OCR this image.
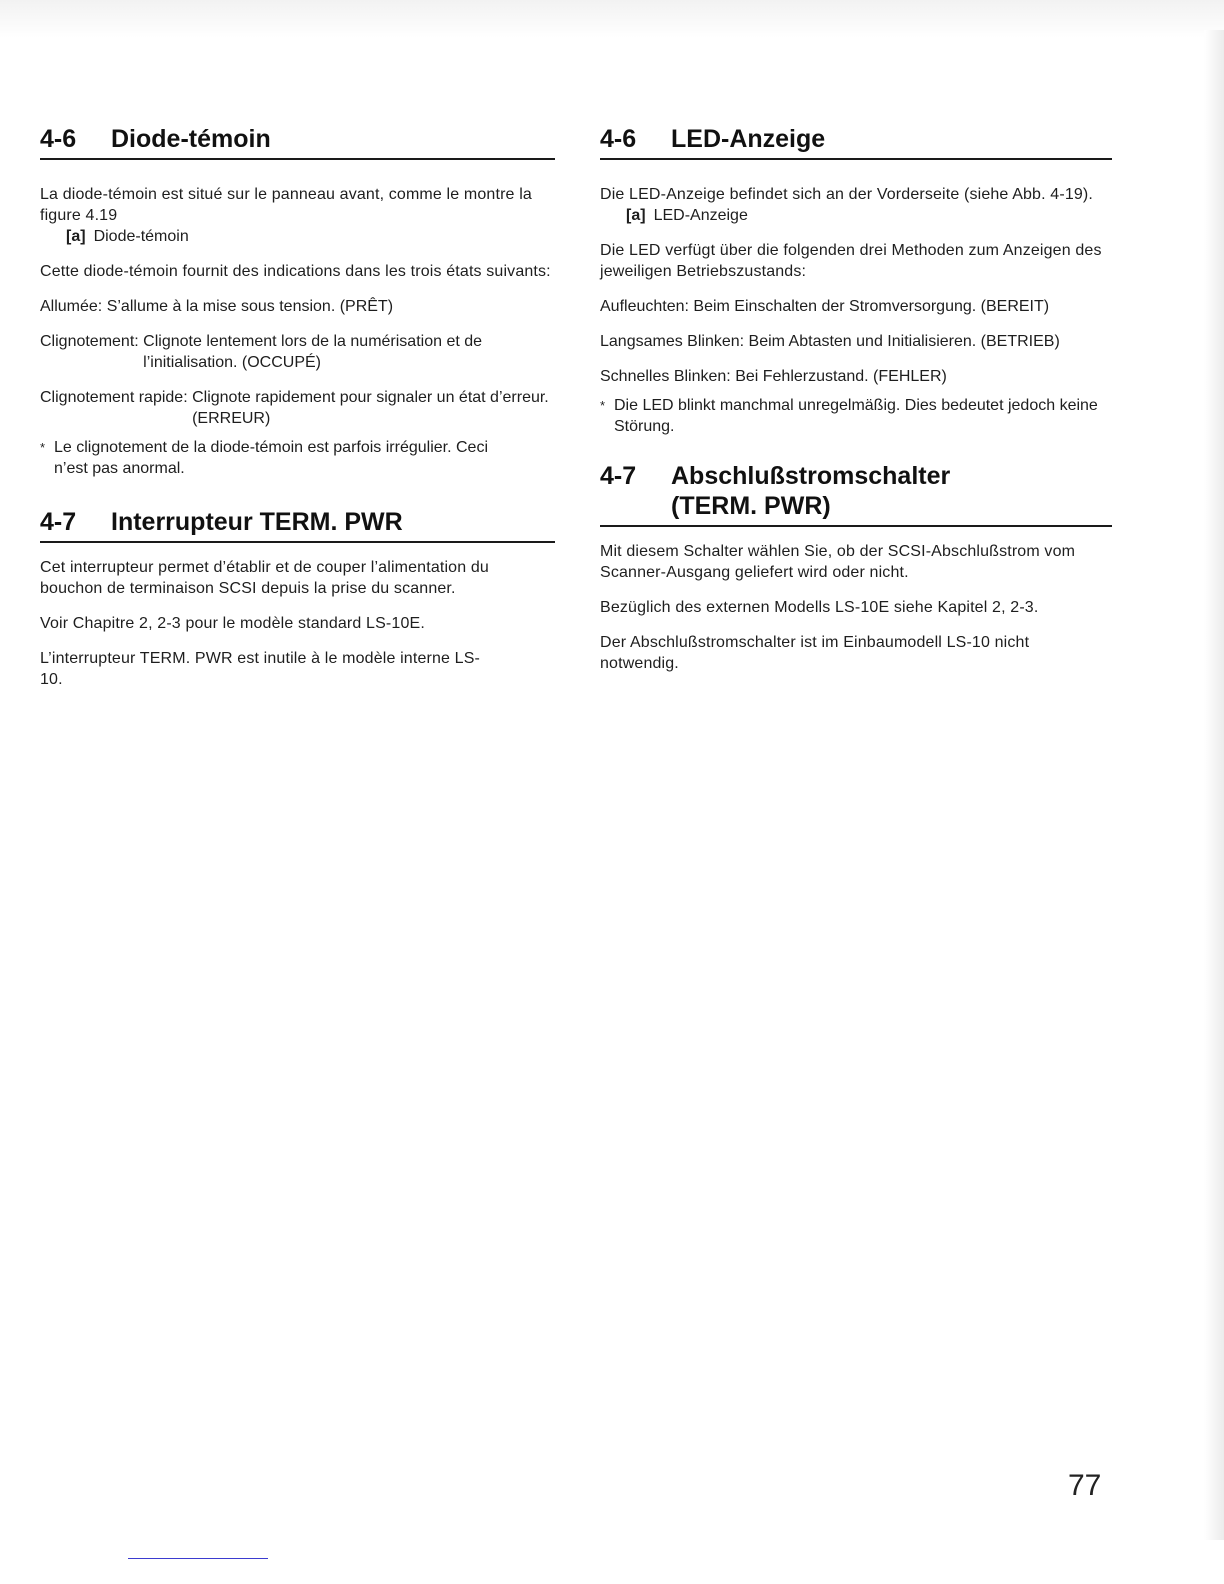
4-6	Diode-témoin

La diode-témoin est situé sur le panneau avant, comme le montre la figure 4.19

[a] Diode-témoin

Cette diode-témoin fournit des indications dans les trois états suivants:

Allumée: S’allume à la mise sous tension. (PRÊT)
Clignotement: Clignote lentement lors de la numérisation et de l’initialisation. (OCCUPÉ)
Clignotement rapide: Clignote rapidement pour signaler un état d’erreur. (ERREUR)
* Le clignotement de la diode-témoin est parfois irrégulier. Ceci n’est pas anormal.
4-7	Interrupteur TERM. PWR

Cet interrupteur permet d’établir et de couper l’alimentation du bouchon de terminaison SCSI depuis la prise du scanner.

Voir Chapitre 2, 2-3 pour le modèle standard LS-10E.

L’interrupteur TERM. PWR est inutile à le modèle interne LS-10.

4-6	LED-Anzeige

Die LED-Anzeige befindet sich an der Vorderseite (siehe Abb. 4-19).

[a] LED-Anzeige

Die LED verfügt über die folgenden drei Methoden zum Anzeigen des jeweiligen Betriebszustands:

Aufleuchten: Beim Einschalten der Stromversorgung. (BEREIT)
Langsames Blinken: Beim Abtasten und Initialisieren. (BETRIEB)
Schnelles Blinken: Bei Fehlerzustand. (FEHLER)
* Die LED blinkt manchmal unregelmäßig. Dies bedeutet jedoch keine Störung.
4-7	Abschlußstromschalter (TERM. PWR)

Mit diesem Schalter wählen Sie, ob der SCSI-Abschlußstrom vom Scanner-Ausgang geliefert wird oder nicht.

Bezüglich des externen Modells LS-10E siehe Kapitel 2, 2-3.

Der Abschlußstromschalter ist im Einbaumodell LS-10 nicht notwendig.

77
